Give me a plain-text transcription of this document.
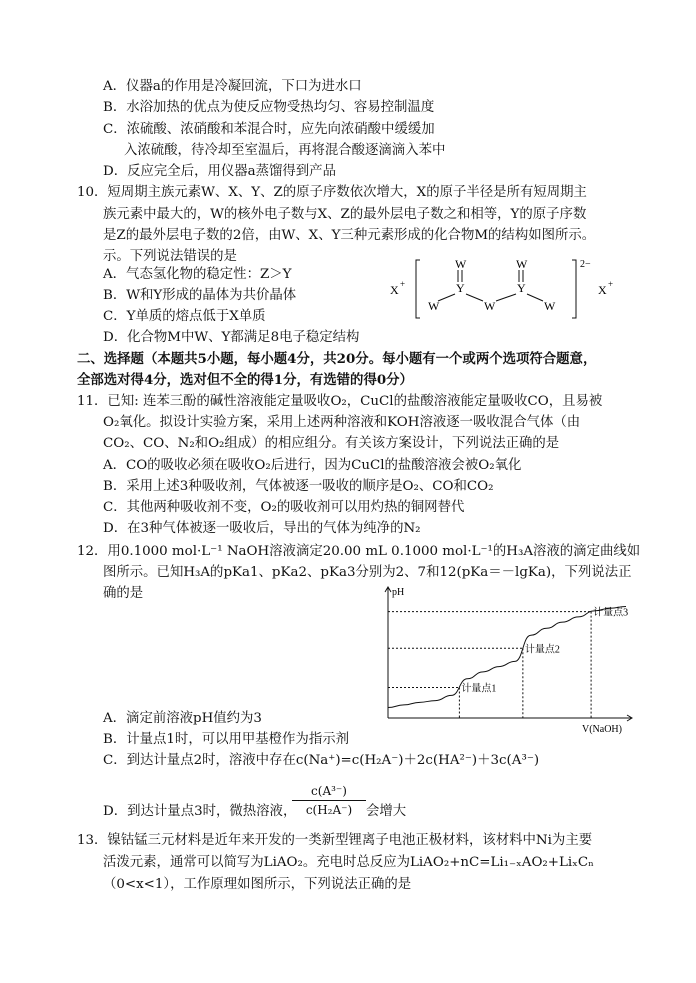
A．仪器a的作用是冷凝回流，下口为进水口
B．水浴加热的优点为使反应物受热均匀、容易控制温度
C．浓硫酸、浓硝酸和苯混合时，应先向浓硝酸中缓缓加
入浓硫酸，待冷却至室温后，再将混合酸逐滴滴入苯中
D．反应完全后，用仪器a蒸馏得到产品
10．短周期主族元素W、X、Y、Z的原子序数依次增大，X的原子半径是所有短周期主
族元素中最大的，W的核外电子数与X、Z的最外层电子数之和相等，Y的原子序数
是Z的最外层电子数的2倍，由W、X、Y三种元素形成的化合物M的结构如图所示。
示。下列说法错误的是
A．气态氢化物的稳定性：Z＞Y
B．W和Y形成的晶体为共价晶体
C．Y单质的熔点低于X单质
D．化合物M中W、Y都满足8电子稳定结构
X +
2−
X +
W
Y
W	W
W
Y
W
二、选择题（本题共5小题，每小题4分，共20分。每小题有一个或两个选项符合题意，
全部选对得4分，选对但不全的得1分，有选错的得0分）
11．已知: 连苯三酚的碱性溶液能定量吸收O₂，CuCl的盐酸溶液能定量吸收CO，且易被
O₂氧化。拟设计实验方案，采用上述两种溶液和KOH溶液逐一吸收混合气体（由
CO₂、CO、N₂和O₂组成）的相应组分。有关该方案设计，下列说法正确的是
A．CO的吸收必须在吸收O₂后进行，因为CuCl的盐酸溶液会被O₂氧化
B．采用上述3种吸收剂，气体被逐一吸收的顺序是O₂、CO和CO₂
C．其他两种吸收剂不变，O₂的吸收剂可以用灼热的铜网替代
D．在3种气体被逐一吸收后，导出的气体为纯净的N₂
12．用0.1000 mol·L⁻¹ NaOH溶液滴定20.00 mL 0.1000 mol·L⁻¹的H₃A溶液的滴定曲线如
图所示。已知H₃A的pKa1、pKa2、pKa3分别为2、7和12(pKa＝－lgKa)，下列说法正
确的是	pH
V(NaOH)
计量点1
计量点2
计量点3
A．滴定前溶液pH值约为3
B．计量点1时，可以用甲基橙作为指示剂
C．到达计量点2时，溶液中存在c(Na⁺)=c(H₂A⁻)＋2c(HA²⁻)＋3c(A³⁻)
$\frac{\text{c(A³⁻)}}{\text{c(H₂A⁻)}}$
D．到达计量点3时，微热溶液，	会增大
13．镍钴锰三元材料是近年来开发的一类新型锂离子电池正极材料，该材料中Ni为主要
活泼元素，通常可以简写为LiAO₂。充电时总反应为LiAO₂+nC=Li₁₋ₓAO₂+LiₓCₙ
（0<x<1），工作原理如图所示，下列说法正确的是
